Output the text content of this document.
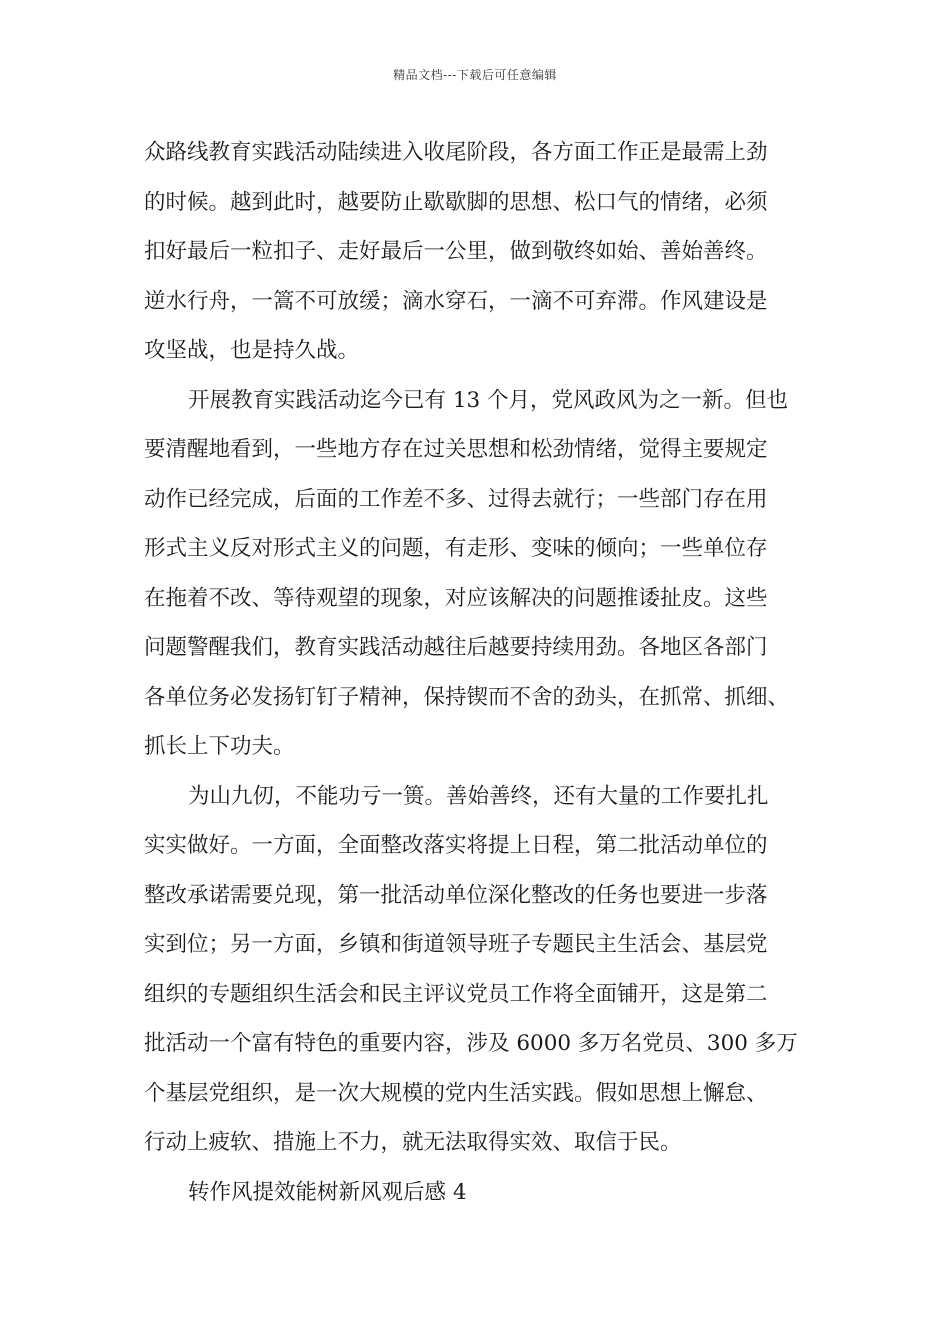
精品文档---下载后可任意编辑
众路线教育实践活动陆续进入收尾阶段，各方面工作正是最需上劲
的时候。越到此时，越要防止歇歇脚的思想、松口气的情绪，必须
扣好最后一粒扣子、走好最后一公里，做到敬终如始、善始善终。
逆水行舟，一篙不可放缓；滴水穿石，一滴不可弃滞。作风建设是
攻坚战，也是持久战。
开展教育实践活动迄今已有 13 个月，党风政风为之一新。但也
要清醒地看到，一些地方存在过关思想和松劲情绪，觉得主要规定
动作已经完成，后面的工作差不多、过得去就行；一些部门存在用
形式主义反对形式主义的问题，有走形、变味的倾向；一些单位存
在拖着不改、等待观望的现象，对应该解决的问题推诿扯皮。这些
问题警醒我们，教育实践活动越往后越要持续用劲。各地区各部门
各单位务必发扬钉钉子精神，保持锲而不舍的劲头，在抓常、抓细、
抓长上下功夫。
为山九仞，不能功亏一篑。善始善终，还有大量的工作要扎扎
实实做好。一方面，全面整改落实将提上日程，第二批活动单位的
整改承诺需要兑现，第一批活动单位深化整改的任务也要进一步落
实到位；另一方面，乡镇和街道领导班子专题民主生活会、基层党
组织的专题组织生活会和民主评议党员工作将全面铺开，这是第二
批活动一个富有特色的重要内容，涉及 6000 多万名党员、300 多万
个基层党组织，是一次大规模的党内生活实践。假如思想上懈怠、
行动上疲软、措施上不力，就无法取得实效、取信于民。
转作风提效能树新风观后感 4
